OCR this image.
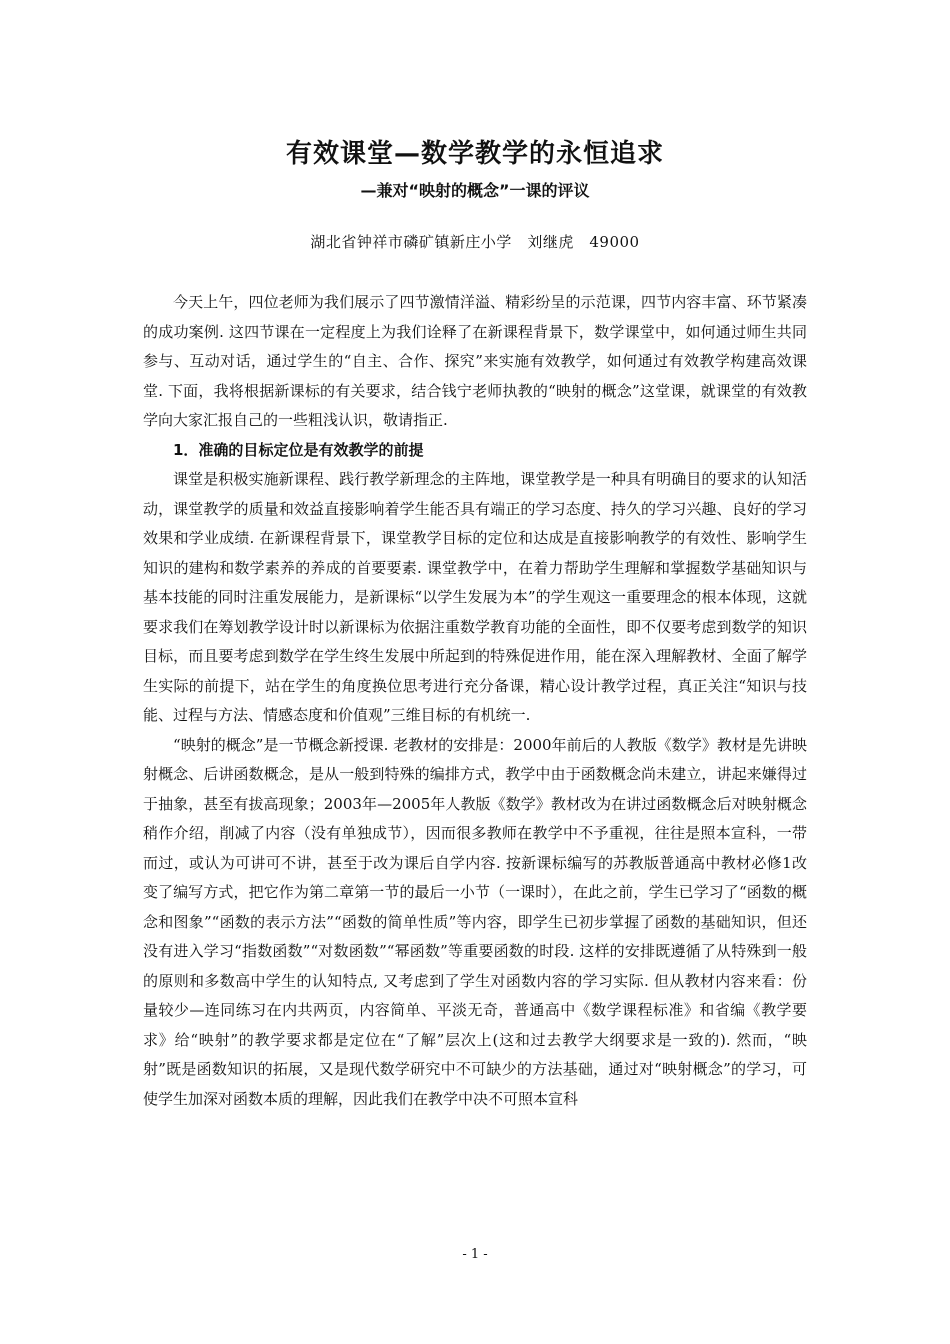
有效课堂—数学教学的永恒追求
—兼对“映射的概念”一课的评议
湖北省钟祥市磷矿镇新庄小学　刘继虎　49000

今天上午，四位老师为我们展示了四节激情洋溢、精彩纷呈的示范课，四节内容丰富、环节紧凑的成功案例. 这四节课在一定程度上为我们诠释了在新课程背景下，数学课堂中，如何通过师生共同参与、互动对话，通过学生的“自主、合作、探究”来实施有效教学，如何通过有效教学构建高效课堂. 下面，我将根据新课标的有关要求，结合钱宁老师执教的“映射的概念”这堂课，就课堂的有效教学向大家汇报自己的一些粗浅认识，敬请指正.

1．准确的目标定位是有效教学的前提

课堂是积极实施新课程、践行教学新理念的主阵地，课堂教学是一种具有明确目的要求的认知活动，课堂教学的质量和效益直接影响着学生能否具有端正的学习态度、持久的学习兴趣、良好的学习效果和学业成绩. 在新课程背景下，课堂教学目标的定位和达成是直接影响教学的有效性、影响学生知识的建构和数学素养的养成的首要要素. 课堂教学中，在着力帮助学生理解和掌握数学基础知识与基本技能的同时注重发展能力，是新课标“以学生发展为本”的学生观这一重要理念的根本体现，这就要求我们在筹划教学设计时以新课标为依据注重数学教育功能的全面性，即不仅要考虑到数学的知识目标，而且要考虑到数学在学生终生发展中所起到的特殊促进作用，能在深入理解教材、全面了解学生实际的前提下，站在学生的角度换位思考进行充分备课，精心设计教学过程，真正关注“知识与技能、过程与方法、情感态度和价值观”三维目标的有机统一.

“映射的概念”是一节概念新授课. 老教材的安排是：2000年前后的人教版《数学》教材是先讲映射概念、后讲函数概念，是从一般到特殊的编排方式，教学中由于函数概念尚未建立，讲起来嫌得过于抽象，甚至有拔高现象；2003年—2005年人教版《数学》教材改为在讲过函数概念后对映射概念稍作介绍，削减了内容（没有单独成节），因而很多教师在教学中不予重视，往往是照本宣科，一带而过，或认为可讲可不讲，甚至于改为课后自学内容. 按新课标编写的苏教版普通高中教材必修1改变了编写方式，把它作为第二章第一节的最后一小节（一课时），在此之前，学生已学习了“函数的概念和图象”“函数的表示方法”“函数的简单性质”等内容，即学生已初步掌握了函数的基础知识，但还没有进入学习“指数函数”“对数函数”“幂函数”等重要函数的时段. 这样的安排既遵循了从特殊到一般的原则和多数高中学生的认知特点, 又考虑到了学生对函数内容的学习实际. 但从教材内容来看：份量较少—连同练习在内共两页，内容简单、平淡无奇，普通高中《数学课程标准》和省编《教学要求》给“映射”的教学要求都是定位在“了解”层次上(这和过去教学大纲要求是一致的). 然而，“映射”既是函数知识的拓展，又是现代数学研究中不可缺少的方法基础，通过对“映射概念”的学习，可使学生加深对函数本质的理解，因此我们在教学中决不可照本宣科

- 1 -
